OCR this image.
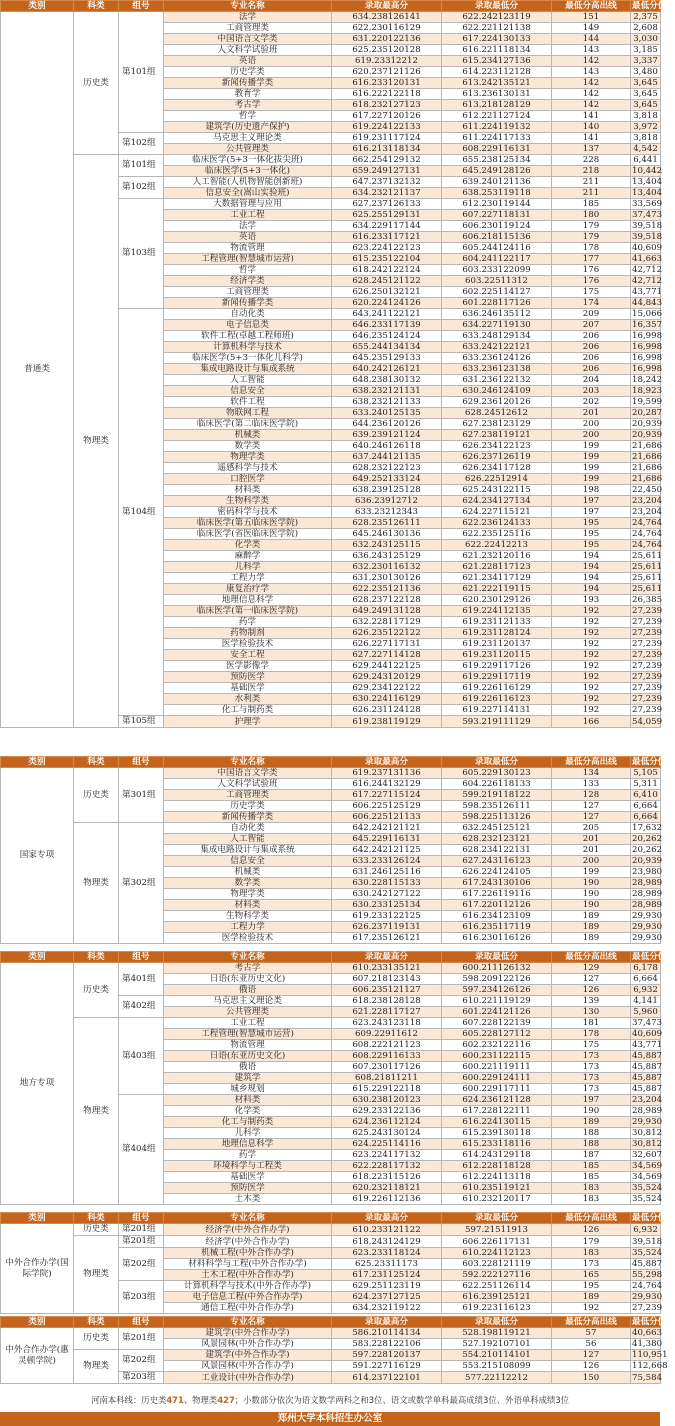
类别	科类	组号	专业名称	录取最高分	录取最低分	最低分高出线	最低分位次
普通类	历史类	第101组	法学	634.238126141	622.242123119	151	2,375
			工商管理类	622.230116129	622.221121138	149	2,608
			中国语言文学类	631.220122136	617.224130133	144	3,030
			人文科学试验班	625.235120128	616.221118134	143	3,185
			英语	619.23312212	615.234127136	142	3,337
			历史学类	620.237121126	614.223112128	143	3,480
			新闻传播学类	616.233120131	613.242135121	142	3,645
			教育学	616.222122118	613.236130131	142	3,645
			考古学	618.232127123	613.218128129	142	3,645
			哲学	617.227120126	612.221127124	141	3,818
			建筑学(历史遗产保护)	619.224122133	611.224119132	140	3,972
		第102组	马克思主义理论类	619.231117124	611.224117133	141	3,818
			公共管理类	616.213118134	608.229116131	137	4,542
	物理类	第101组	临床医学(5+3一体化拔尖班)	662.254129132	655.238125134	228	6,441
			临床医学(5+3一体化)	659.249127131	645.249128126	218	10,442
		第102组	人工智能(人机物智能创新班)	647.237132132	639.240121136	211	13,404
			信息安全(嵩山实验班)	634.232121137	638.253119118	211	13,404
		第103组	大数据管理与应用	627.237126133	612.230119144	185	33,569
			工业工程	625.255129131	607.227118131	180	37,473
			法学	634.229117144	606.230119124	179	39,518
			英语	616.233117121	606.218115136	179	39,518
			物流管理	623.224122123	605.244124116	178	40,609
			工程管理(智慧城市运营)	615.235122104	604.241122117	177	41,663
			哲学	618.242122124	603.233122099	176	42,712
			经济学类	628.245121122	603.22511312	176	42,712
			工商管理类	626.250132121	602.225114127	175	43,771
			新闻传播学类	620.224124126	601.228117126	174	44,843
		第104组	自动化类	643.241122121	636.246135112	209	15,066
			电子信息类	646.233117139	634.227119130	207	16,357
			软件工程(卓越工程师班)	646.235124124	633.248129134	206	16,998
			计算机科学与技术	655.244134134	633.242122121	206	16,998
			临床医学(5+3一体化儿科学)	645.235129133	633.236124126	206	16,998
			集成电路设计与集成系统	640.242126121	633.236123138	206	16,998
			人工智能	648.238130132	631.236122132	204	18,242
			信息安全	638.232121131	630.246124109	203	18,923
			软件工程	638.232121133	629.236120126	202	19,599
			物联网工程	633.240125135	628.24512612	201	20,287
			临床医学(第二临床医学院)	644.236120126	627.238123129	200	20,939
			机械类	639.239121124	627.238119121	200	20,939
			数学类	640.246126118	626.234122123	199	21,686
			物理学类	637.244121135	626.237126119	199	21,686
			遥感科学与技术	628.232122123	626.234117128	199	21,686
			口腔医学	649.252133124	626.22512914	199	21,686
			材料类	638.239125128	625.243122115	198	22,450
			生物科学类	636.23912712	624.234127134	197	23,204
			密码科学与技术	633.23212343	624.227115121	197	23,204
			临床医学(第五临床医学院)	628.235126111	622.236124133	195	24,764
			临床医学(省医临床医学院)	645.246130136	622.235125116	195	24,764
			化学类	632.243125115	622.22412213	195	24,764
			麻醉学	636.243125129	621.232120116	194	25,611
			儿科学	632.230116132	621.228117123	194	25,611
			工程力学	631.230130126	621.234117129	194	25,611
			康复治疗学	622.235121136	621.222119115	194	25,611
			地理信息科学	628.237122128	620.230129126	193	26,385
			临床医学(第一临床医学院)	649.249131128	619.224112135	192	27,239
			药学	632.228117129	619.231121133	192	27,239
			药物制剂	626.235122122	619.231128124	192	27,239
			医学检验技术	626.227117131	619.231120137	192	27,239
			安全工程	627.227114128	619.231120115	192	27,239
			医学影像学	629.244122125	619.229117126	192	27,239
			预防医学	629.243120129	619.229117119	192	27,239
			基础医学	629.234122122	619.226116129	192	27,239
			水利类	630.224116129	619.226116123	192	27,239
			化工与制药类	626.231124128	619.227114131	192	27,239
		第105组	护理学	619.238119129	593.219111129	166	54,059
类别	科类	组号	专业名称	录取最高分	录取最低分	最低分高出线	最低分位次
国家专项	历史类	第301组	中国语言文学类	619.237131136	605.229130123	134	5,105
			人文科学试验班	616.244132129	604.226118133	133	5,311
			工商管理类	617.227115124	599.219118122	128	6,410
			历史学类	606.225125129	598.235126111	127	6,664
			新闻传播学类	606.225121133	598.225113126	127	6,664
	物理类	第302组	自动化类	642.242121121	632.245125121	205	17,632
			人工智能	645.229116131	628.232123121	201	20,262
			集成电路设计与集成系统	642.242121125	628.234122131	201	20,262
			信息安全	633.233126124	627.243116123	200	20,939
			机械类	631.246125116	626.224124105	199	23,980
			数学类	630.228115133	617.243130106	190	28,989
			物理学类	630.242127122	617.226119116	190	28,989
			材料类	630.233125134	617.220112126	190	28,989
			生物科学类	619.233122125	616.234123109	189	29,930
			工程力学	626.237119131	616.235117119	189	29,930
			医学检验技术	617.235126121	616.230116126	189	29,930
类别	科类	组号	专业名称	录取最高分	录取最低分	最低分高出线	最低分位次
地方专项	历史类	第401组	考古学	610.233135121	600.211126132	129	6,178
			日语(东亚历史文化)	607.218123143	598.209122126	127	6,664
			俄语	606.235121127	597.234126126	126	6,932
		第402组	马克思主义理论类	618.238128128	610.221119129	139	4,141
			公共管理类	621.228117127	601.224121126	130	5,960
	物理类	第403组	工业工程	623.243123118	607.228122139	181	37,473
			工程管理(智慧城市运营)	609.22911612	605.228127112	178	40,609
			物流管理	608.222121123	602.232122116	175	43,771
			日语(东亚历史文化)	608.229116133	600.231122115	173	45,887
			俄语	607.230117126	600.221119111	173	45,887
			建筑学	608.21811211	600.229124111	173	45,887
			城乡规划	615.229122118	600.229117111	173	45,887
		第404组	材料类	630.238120123	624.236121128	197	23,204
			化学类	629.233122136	617.228122111	190	28,989
			化工与制药类	624.236112124	616.224130115	189	29,930
			儿科学	625.243130124	615.239130118	188	30,812
			地理信息科学	624.225114116	615.233118116	188	30,812
			药学	623.224117132	614.243129118	187	32,607
			环境科学与工程类	622.228117132	612.228118128	185	34,569
			基础医学	618.223115126	612.224113118	185	34,569
			预防医学	620.232118121	610.235119121	183	35,524
			土木类	619.226112136	610.232120117	183	35,524
类别	科类	组号	专业名称	录取最高分	录取最低分	最低分高出线	最低分位次
中外合作办学(国际学院)	历史类	第201组	经济学(中外合作办学)	610.233121122	597.21511913	126	6,932
	物理类	第201组	经济学(中外合作办学)	618.243124129	606.226117131	179	39,518
		第202组	机械工程(中外合作办学)	623.233118124	610.224112123	183	35,524
			材料科学与工程(中外合作办学)	625.23311173	603.228121119	173	45,887
			土木工程(中外合作办学)	617.231125124	592.222127116	165	55,298
		第203组	计算机科学与技术(中外合作办学)	629.251123119	622.251126114	195	24,764
			电子信息工程(中外合作办学)	624.237127125	616.239125121	189	29,930
			通信工程(中外合作办学)	634.232119122	619.223116123	192	27,239
类别	科类	组号	专业名称	录取最高分	录取最低分	最低分高出线	最低分位次
中外合作办学(惠灵顿学院)	历史类	第201组	建筑学(中外合作办学)	586.210114134	528.198119121	57	40,663
			风景园林(中外合作办学)	583.228122106	527.192107101	56	41,380
	物理类	第202组	建筑学(中外合作办学)	597.228120137	554.210114101	127	110,951
			风景园林(中外合作办学)	591.227116129	553.215108099	126	112,668
		第203组	工业设计(中外合作办学)	614.237122101	577.22112212	150	75,584
河南本科线：历史类471、物理类427；小数部分依次为语文数学两科之和3位、语文或数学单科最高成绩3位、外语单科成绩3位
郑州大学本科招生办公室
